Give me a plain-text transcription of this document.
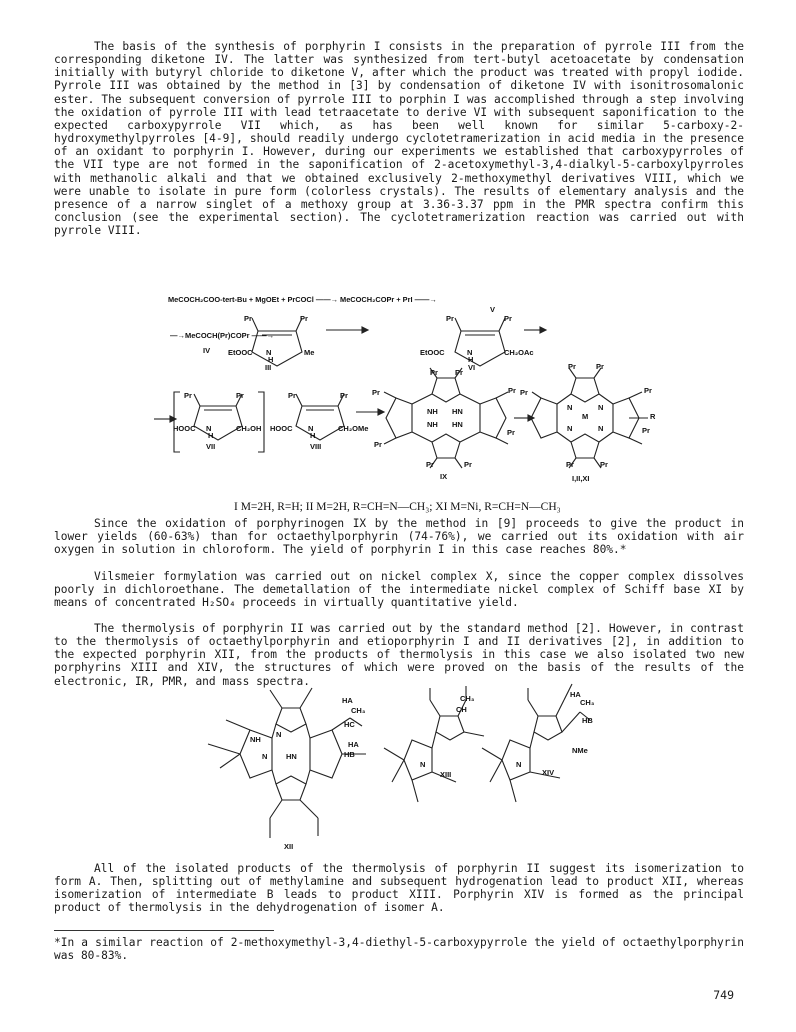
The basis of the synthesis of porphyrin I consists in the preparation of pyrrole III from the corresponding diketone IV. The latter was synthesized from tert-butyl acetoacetate by condensation initially with butyryl chloride to diketone V, after which the product was treated with propyl iodide. Pyrrole III was obtained by the method in [3] by condensation of diketone IV with isonitrosomalonic ester. The subsequent conversion of pyrrole III to porphin I was accomplished through a step involving the oxidation of pyrrole III with lead tetraacetate to derive VI with subsequent saponification to the expected carboxypyrrole VII which, as has been well known for similar 5-carboxy-2-hydroxymethylpyrroles [4-9], should readily undergo cyclotetramerization in acid media in the presence of an oxidant to porphyrin I. However, during our experiments we established that carboxypyrroles of the VII type are not formed in the saponification of 2-acetoxymethyl-3,4-dialkyl-5-carboxylpyrroles with methanolic alkali and that we obtained exclusively 2-methoxymethyl derivatives VIII, which we were unable to isolate in pure form (colorless crystals). The results of elementary analysis and the presence of a narrow singlet of a methoxy group at 3.36-3.37 ppm in the PMR spectra confirm this conclusion (see the experimental section). The cyclotetramerization reaction was carried out with pyrrole VIII.

MeCOCH₂COO-tert-Bu + MgOEt + PrCOCl ——→ MeCOCH₂COPr + PrI ——→
V
—→MeCOCH(Pr)COPr ——→
IV
Pr	Pr
EtOOC N	Me
H
III
Pr	Pr
EtOOC	N	CH₂OAc
H
VI
Pr	Pr
HOOC N	CH₂OH
H
VII
Pr	Pr
HOOC N	CH₂OMe
H
VIII
Pr Pr
Pr
Pr
Pr
Pr
Pr	Pr
NH HN
NH HN
IX
Pr	Pr
Pr	Pr
Pr
R
Pr	Pr
N	N
M
N	N
I,II,XI
I M=2H, R=H; II M=2H, R=CH=N—CH₃; XI M=Ni, R=CH=N—CH₃

Since the oxidation of porphyrinogen IX by the method in [9] proceeds to give the product in lower yields (60-63%) than for octaethylporphyrin (74-76%), we carried out its oxidation with air oxygen in solution in chloroform. The yield of porphyrin I in this case reaches 80%.*

Vilsmeier formylation was carried out on nickel complex X, since the copper complex dissolves poorly in dichloroethane. The demetallation of the intermediate nickel complex of Schiff base XI by means of concentrated H₂SO₄ proceeds in virtually quantitative yield.

The thermolysis of porphyrin II was carried out by the standard method [2]. However, in contrast to the thermolysis of octaethylporphyrin and etioporphyrin I and II derivatives [2], in addition to the expected porphyrin XII, from the products of thermolysis in this case we also isolated two new porphyrins XIII and XIV, the structures of which were proved on the basis of the results of the electronic, IR, PMR, and mass spectra.

HA
CH₃
HC
HA
HB
NH
N
N HN
XII
CH₃
CH
N
XIII
HA
CH₃
HB
N
NMe
XIV

All of the isolated products of the thermolysis of porphyrin II suggest its isomerization to form A. Then, splitting out of methylamine and subsequent hydrogenation lead to product XII, whereas isomerization of intermediate B leads to product XIII. Porphyrin XIV is formed as the principal product of thermolysis in the dehydrogenation of isomer A.

*In a similar reaction of 2-methoxymethyl-3,4-diethyl-5-carboxypyrrole the yield of octaethylporphyrin was 80-83%.

749
